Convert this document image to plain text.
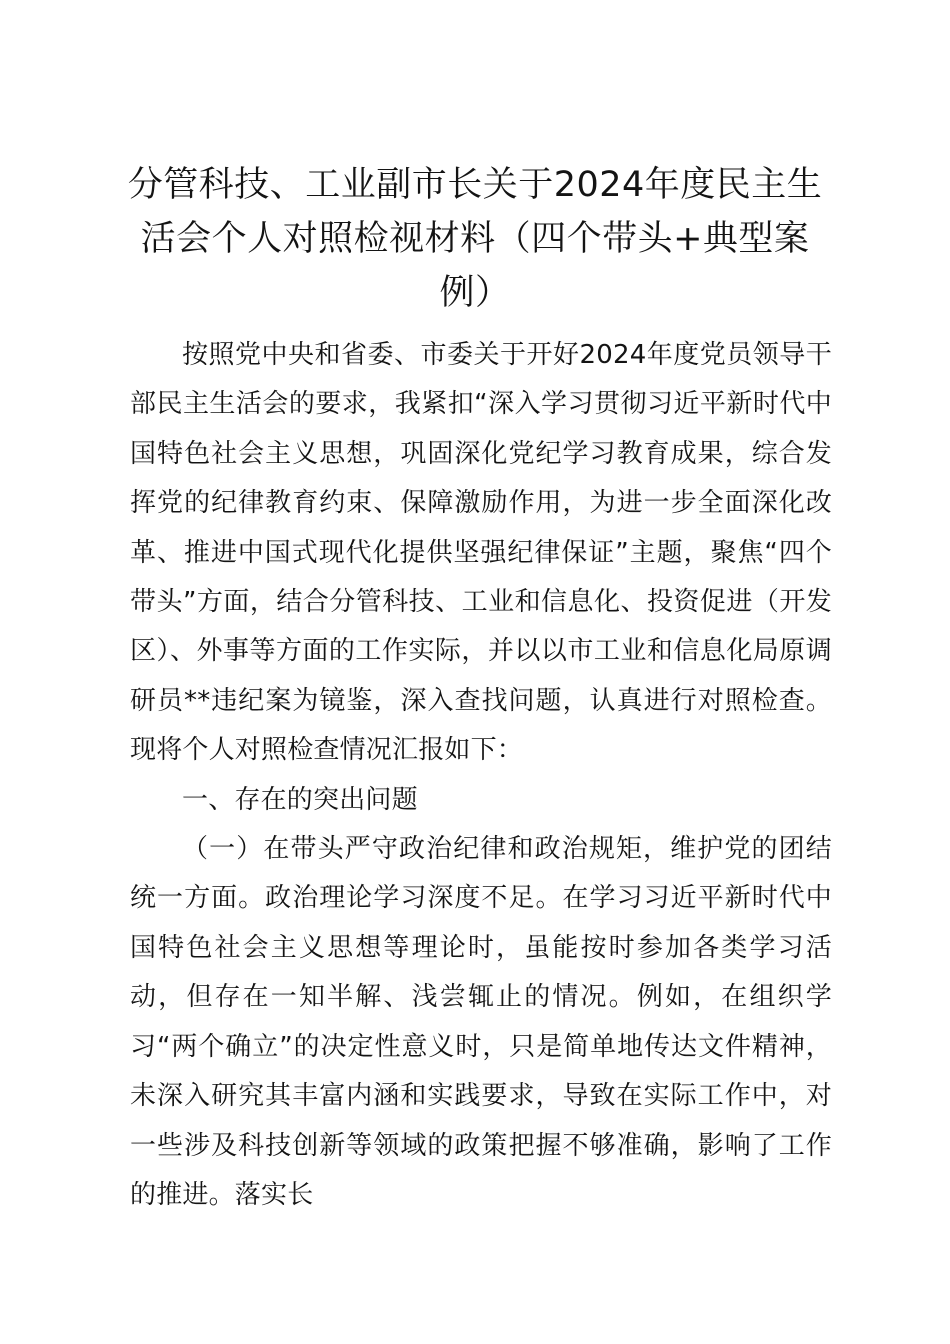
分管科技、工业副市长关于2024年度民主生活会个人对照检视材料（四个带头+典型案例）

按照党中央和省委、市委关于开好2024年度党员领导干部民主生活会的要求，我紧扣“深入学习贯彻习近平新时代中国特色社会主义思想，巩固深化党纪学习教育成果，综合发挥党的纪律教育约束、保障激励作用，为进一步全面深化改革、推进中国式现代化提供坚强纪律保证”主题，聚焦“四个带头”方面，结合分管科技、工业和信息化、投资促进（开发区）、外事等方面的工作实际，并以以市工业和信息化局原调研员**违纪案为镜鉴，深入查找问题，认真进行对照检查。现将个人对照检查情况汇报如下：

一、存在的突出问题

（一）在带头严守政治纪律和政治规矩，维护党的团结统一方面。政治理论学习深度不足。在学习习近平新时代中国特色社会主义思想等理论时，虽能按时参加各类学习活动，但存在一知半解、浅尝辄止的情况。例如，在组织学习“两个确立”的决定性意义时，只是简单地传达文件精神，未深入研究其丰富内涵和实践要求，导致在实际工作中，对一些涉及科技创新等领域的政策把握不够准确，影响了工作的推进。落实长
